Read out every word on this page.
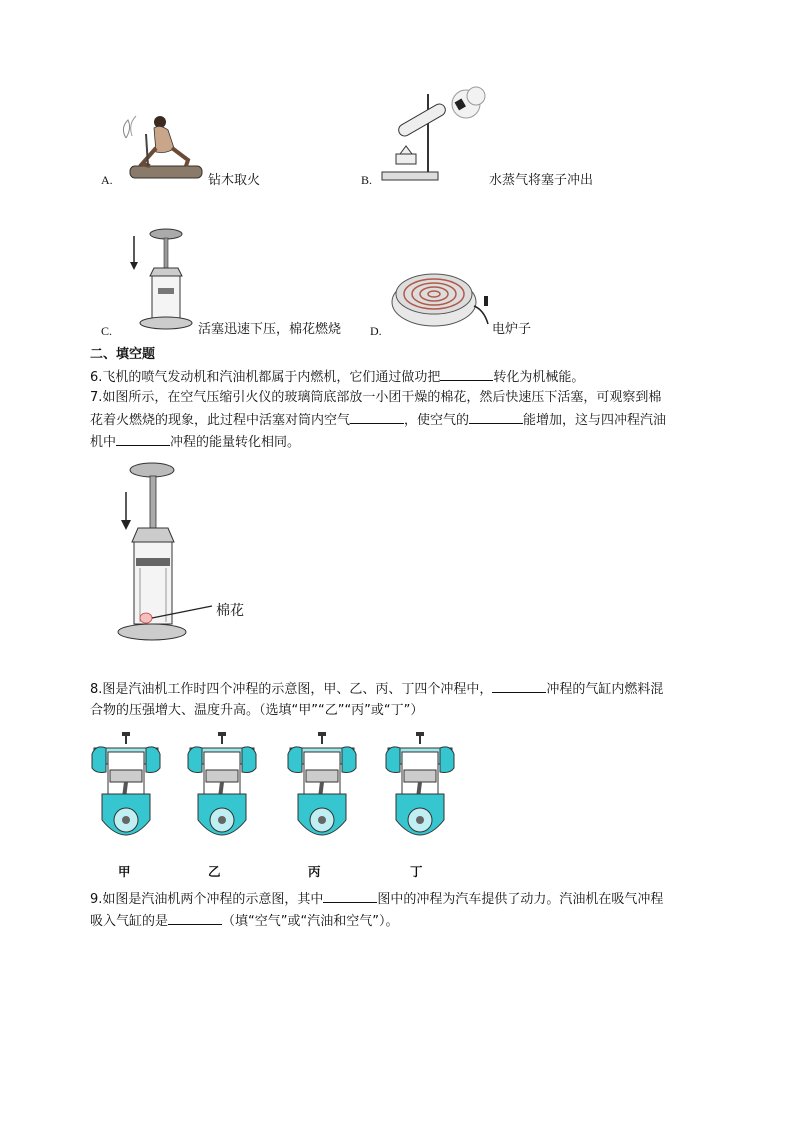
A.	钻木取火	B.	水蒸气将塞子冲出
C.	活塞迅速下压，棉花燃烧 D.	电炉子
二、填空题
6.飞机的喷气发动机和汽油机都属于内燃机，它们通过做功把	转化为机械能。
7.如图所示，在空气压缩引火仪的玻璃筒底部放一小团干燥的棉花，然后快速压下活塞，可观察到棉
花着火燃烧的现象，此过程中活塞对筒内空气	，使空气的	能增加，这与四冲程汽油
机中	冲程的能量转化相同。
棉花
8.图是汽油机工作时四个冲程的示意图，甲、乙、丙、丁四个冲程中，	冲程的气缸内燃料混
合物的压强增大、温度升高。（选填“甲”“乙”“丙”或“丁”）
甲	乙	丙	丁
9.如图是汽油机两个冲程的示意图，其中	图中的冲程为汽车提供了动力。汽油机在吸气冲程
吸入气缸的是	（填“空气”或“汽油和空气”）。
